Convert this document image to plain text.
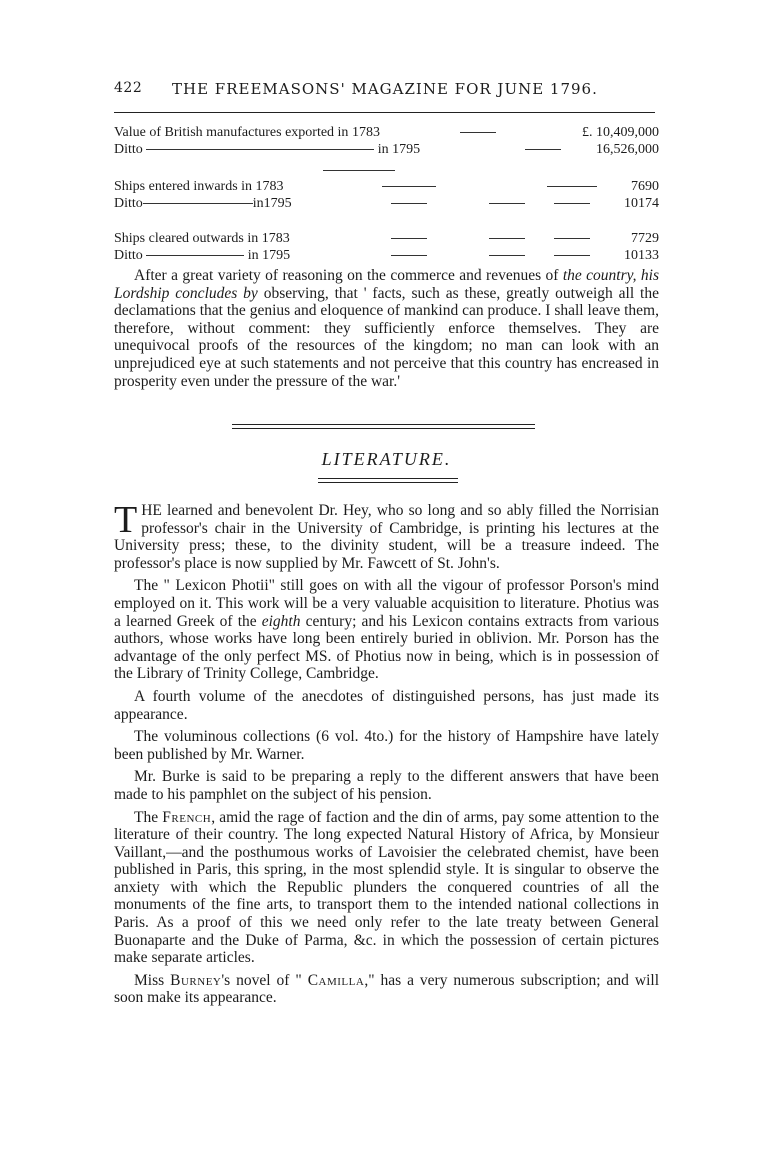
422 THE FREEMASONS' MAGAZINE FOR JUNE 1796.
Value of British manufactures exported in 1783			£. 10,409,000
Ditto in 1795			16,526,000
Ships entered inwards in 1783				7690
Ditto in1795				10174
Ships cleared outwards in 1783				7729
Ditto in 1795				10133

After a great variety of reasoning on the commerce and revenues of the country, his Lordship concludes by observing, that ' facts, such as these, greatly outweigh all the declamations that the genius and eloquence of mankind can produce. I shall leave them, therefore, without comment: they sufficiently enforce themselves. They are unequivocal proofs of the resources of the kingdom; no man can look with an unprejudiced eye at such statements and not perceive that this country has encreased in prosperity even under the pressure of the war.'

LITERATURE.

THE learned and benevolent Dr. Hey, who so long and so ably filled the Norrisian professor's chair in the University of Cambridge, is printing his lectures at the University press; these, to the divinity student, will be a treasure indeed. The professor's place is now supplied by Mr. Fawcett of St. John's.

The " Lexicon Photii" still goes on with all the vigour of professor Porson's mind employed on it. This work will be a very valuable acquisition to literature. Photius was a learned Greek of the eighth century; and his Lexicon contains extracts from various authors, whose works have long been entirely buried in oblivion. Mr. Porson has the advantage of the only perfect MS. of Photius now in being, which is in possession of the Library of Trinity College, Cambridge.

A fourth volume of the anecdotes of distinguished persons, has just made its appearance.

The voluminous collections (6 vol. 4to.) for the history of Hampshire have lately been published by Mr. Warner.

Mr. Burke is said to be preparing a reply to the different answers that have been made to his pamphlet on the subject of his pension.

The French, amid the rage of faction and the din of arms, pay some attention to the literature of their country. The long expected Natural History of Africa, by Monsieur Vaillant,—and the posthumous works of Lavoisier the celebrated chemist, have been published in Paris, this spring, in the most splendid style. It is singular to observe the anxiety with which the Republic plunders the conquered countries of all the monuments of the fine arts, to transport them to the intended national collections in Paris. As a proof of this we need only refer to the late treaty between General Buonaparte and the Duke of Parma, &c. in which the possession of certain pictures make separate articles.

Miss Burney's novel of " Camilla," has a very numerous subscription; and will soon make its appearance.
